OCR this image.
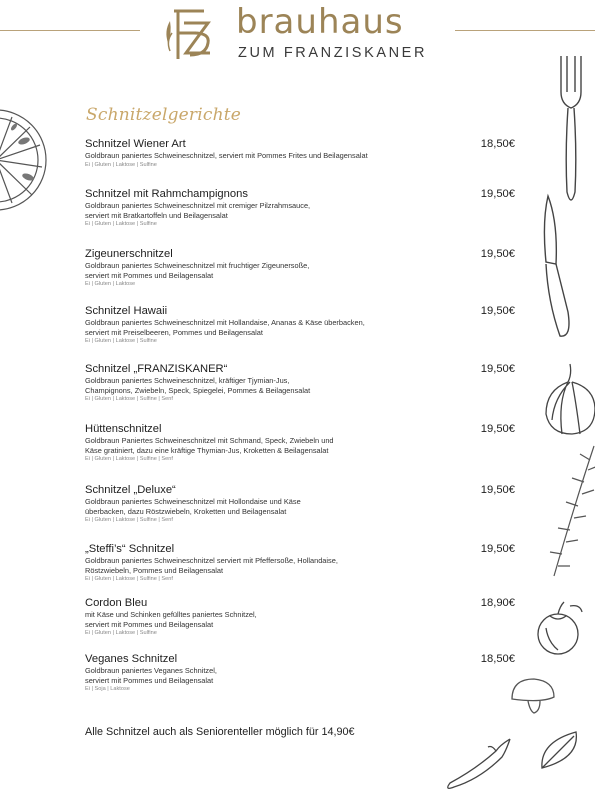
brauhaus
ZUM FRANZISKANER
Schnitzelgerichte
Schnitzel Wiener Art	18,50€
Goldbraun paniertes Schweineschnitzel, serviert mit Pommes Frites und Beilagensalat
Ei | Gluten | Laktose | Sulfine
Schnitzel mit Rahmchampignons	19,50€
Goldbraun paniertes Schweineschnitzel mit cremiger Pilzrahmsauce,
serviert mit Bratkartoffeln und Beilagensalat
Ei | Gluten | Laktose | Sulfine
Zigeunerschnitzel	19,50€
Goldbraun paniertes Schweineschnitzel mit fruchtiger Zigeunersoße,
serviert mit Pommes und Beilagensalat
Ei | Gluten | Laktose
Schnitzel Hawaii	19,50€
Goldbraun paniertes Schweineschnitzel mit Hollandaise, Ananas & Käse überbacken,
serviert mit Preiselbeeren, Pommes und Beilagensalat
Ei | Gluten | Laktose | Sulfine
Schnitzel „FRANZISKANER“	19,50€
Goldbraun paniertes Schweineschnitzel, kräftiger Tjymian-Jus,
Champignons, Zwiebeln, Speck, Spiegelei, Pommes & Beilagensalat
Ei | Gluten | Laktose | Sulfine | Senf
Hüttenschnitzel	19,50€
Goldbraun Paniertes Schweineschnitzel mit Schmand, Speck, Zwiebeln und
Käse gratiniert, dazu eine kräftige Thymian-Jus, Kroketten & Beilagensalat
Ei | Gluten | Laktose | Sulfine | Senf
Schnitzel „Deluxe“	19,50€
Goldbraun paniertes Schweineschnitzel mit Hollondaise und Käse
überbacken, dazu Röstzwiebeln, Kroketten und Beilagensalat
Ei | Gluten | Laktose | Sulfine | Senf
„Steffi’s“ Schnitzel	19,50€
Goldbraun paniertes Schweineschnitzel serviert mit Pfeffersoße, Hollandaise,
Röstzwiebeln, Pommes und Beilagensalat
Ei | Gluten | Laktose | Sulfine | Senf
Cordon Bleu	18,90€
mit Käse und Schinken gefülltes paniertes Schnitzel,
serviert mit Pommes und Beilagensalat
Ei | Gluten | Laktose | Sulfine
Veganes Schnitzel	18,50€
Goldbraun paniertes Veganes Schnitzel,
serviert mit Pommes und Beilagensalat
Ei | Soja | Laktose
Alle Schnitzel auch als Seniorenteller möglich für 14,90€
